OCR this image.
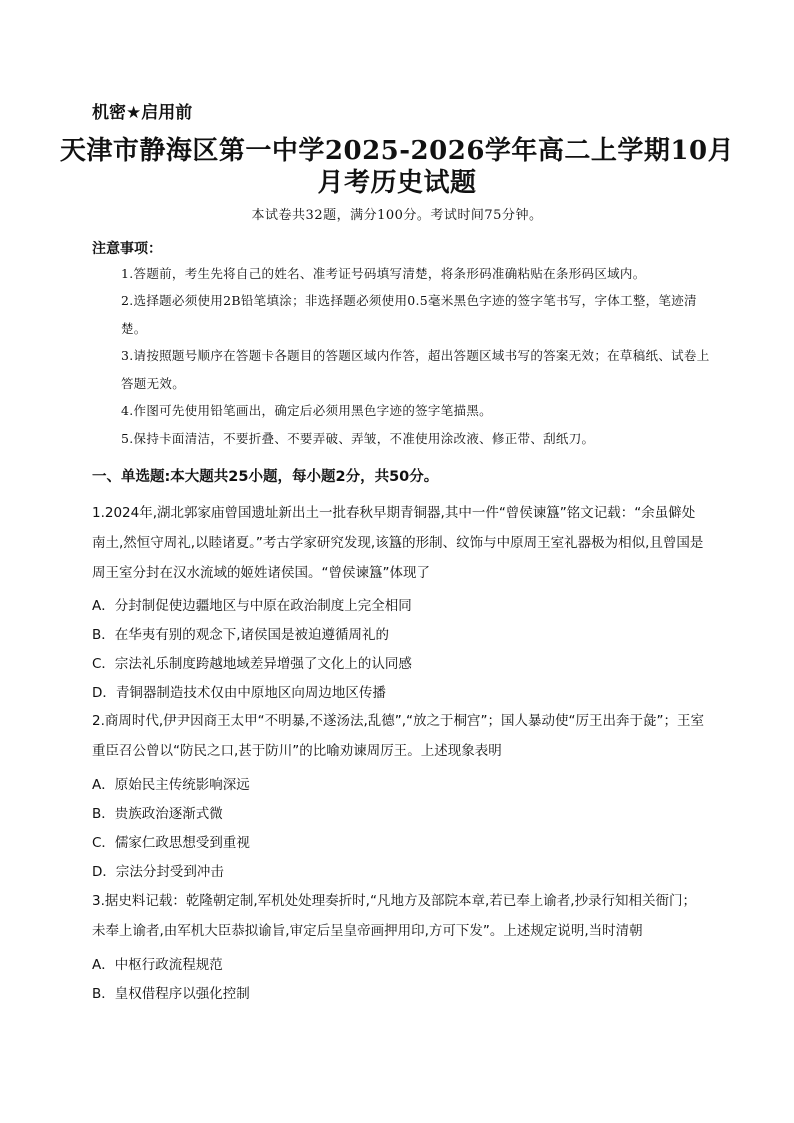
机密★启用前
天津市静海区第一中学2025-2026学年高二上学期10月
月考历史试题
本试卷共32题，满分100分。考试时间75分钟。
注意事项：
1.答题前，考生先将自己的姓名、准考证号码填写清楚，将条形码准确粘贴在条形码区域内。
2.选择题必须使用2B铅笔填涂；非选择题必须使用0.5毫米黑色字迹的签字笔书写，字体工整，笔迹清楚。
3.请按照题号顺序在答题卡各题目的答题区域内作答，超出答题区域书写的答案无效；在草稿纸、试卷上答题无效。
4.作图可先使用铅笔画出，确定后必须用黑色字迹的签字笔描黑。
5.保持卡面清洁，不要折叠、不要弄破、弄皱，不准使用涂改液、修正带、刮纸刀。
一、单选题:本大题共25小题，每小题2分，共50分。
1.2024年,湖北郭家庙曾国遗址新出土一批春秋早期青铜器,其中一件“曾侯谏簋”铭文记载：“余虽僻处南土,然恒守周礼,以睦诸夏。”考古学家研究发现,该簋的形制、纹饰与中原周王室礼器极为相似,且曾国是周王室分封在汉水流域的姬姓诸侯国。“曾侯谏簋”体现了
A．分封制促使边疆地区与中原在政治制度上完全相同
B．在华夷有别的观念下,诸侯国是被迫遵循周礼的
C．宗法礼乐制度跨越地域差异增强了文化上的认同感
D．青铜器制造技术仅由中原地区向周边地区传播
2.商周时代,伊尹因商王太甲“不明暴,不遂汤法,乱德”,“放之于桐宫”；国人暴动使“厉王出奔于彘”；王室重臣召公曾以“防民之口,甚于防川”的比喻劝谏周厉王。上述现象表明
A．原始民主传统影响深远
B．贵族政治逐渐式微
C．儒家仁政思想受到重视
D．宗法分封受到冲击
3.据史料记载：乾隆朝定制,军机处处理奏折时,“凡地方及部院本章,若已奉上谕者,抄录行知相关衙门；未奉上谕者,由军机大臣恭拟谕旨,审定后呈皇帝画押用印,方可下发”。上述规定说明,当时清朝
A．中枢行政流程规范
B．皇权借程序以强化控制
